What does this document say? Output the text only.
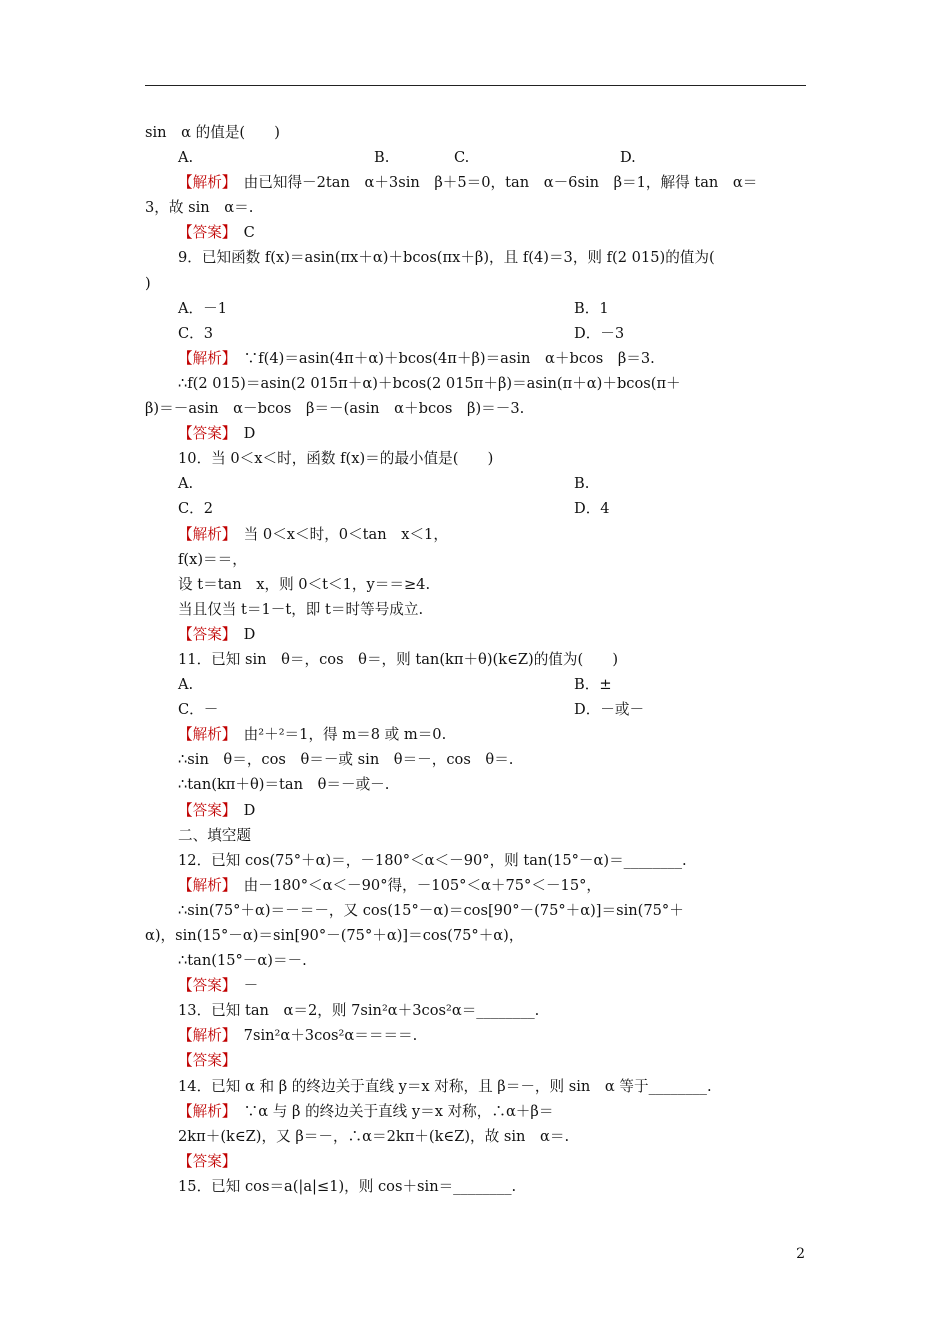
sin　α 的值是(　　)
A.	B.	C.	D.
【解析】　由已知得－2tan　α＋3sin　β＋5＝0，tan　α－6sin　β＝1，解得 tan　α＝
3，故 sin　α＝.
【答案】　C
9．已知函数 f(x)＝asin(πx＋α)＋bcos(πx＋β)，且 f(4)＝3，则 f(2 015)的值为(
)
A．－1	B．1
C．3	D．－3
【解析】　∵f(4)＝asin(4π＋α)＋bcos(4π＋β)＝asin　α＋bcos　β＝3.
∴f(2 015)＝asin(2 015π＋α)＋bcos(2 015π＋β)＝asin(π＋α)＋bcos(π＋
β)＝－asin　α－bcos　β＝－(asin　α＋bcos　β)＝－3.
【答案】　D
10．当 0＜x＜时，函数 f(x)＝的最小值是(　　)
A.	B.
C．2	D．4
【解析】　当 0＜x＜时，0＜tan　x＜1，
f(x)＝＝，
设 t＝tan　x，则 0＜t＜1，y＝＝≥4.
当且仅当 t＝1－t，即 t＝时等号成立.
【答案】　D
11．已知 sin　θ＝，cos　θ＝，则 tan(kπ＋θ)(k∈Z)的值为(　　)
A.	B．±
C．－	D．－或－
【解析】　由²＋²＝1，得 m＝8 或 m＝0.
∴sin　θ＝，cos　θ＝－或 sin　θ＝－，cos　θ＝.
∴tan(kπ＋θ)＝tan　θ＝－或－.
【答案】　D
二、填空题
12．已知 cos(75°＋α)＝，－180°＜α＜－90°，则 tan(15°－α)＝________.
【解析】　由－180°＜α＜－90°得，－105°＜α＋75°＜－15°，
∴sin(75°＋α)＝－＝－，又 cos(15°－α)＝cos[90°－(75°＋α)]＝sin(75°＋
α)，sin(15°－α)＝sin[90°－(75°＋α)]＝cos(75°＋α)，
∴tan(15°－α)＝－.
【答案】　－
13．已知 tan　α＝2，则 7sin²α＋3cos²α＝________.
【解析】　7sin²α＋3cos²α＝＝＝＝.
【答案】
14．已知 α 和 β 的终边关于直线 y＝x 对称，且 β＝－，则 sin　α 等于________.
【解析】　∵α 与 β 的终边关于直线 y＝x 对称，∴α＋β＝
2kπ＋(k∈Z)，又 β＝－，∴α＝2kπ＋(k∈Z)，故 sin　α＝.
【答案】
15．已知 cos＝a(|a|≤1)，则 cos＋sin＝________.
2
